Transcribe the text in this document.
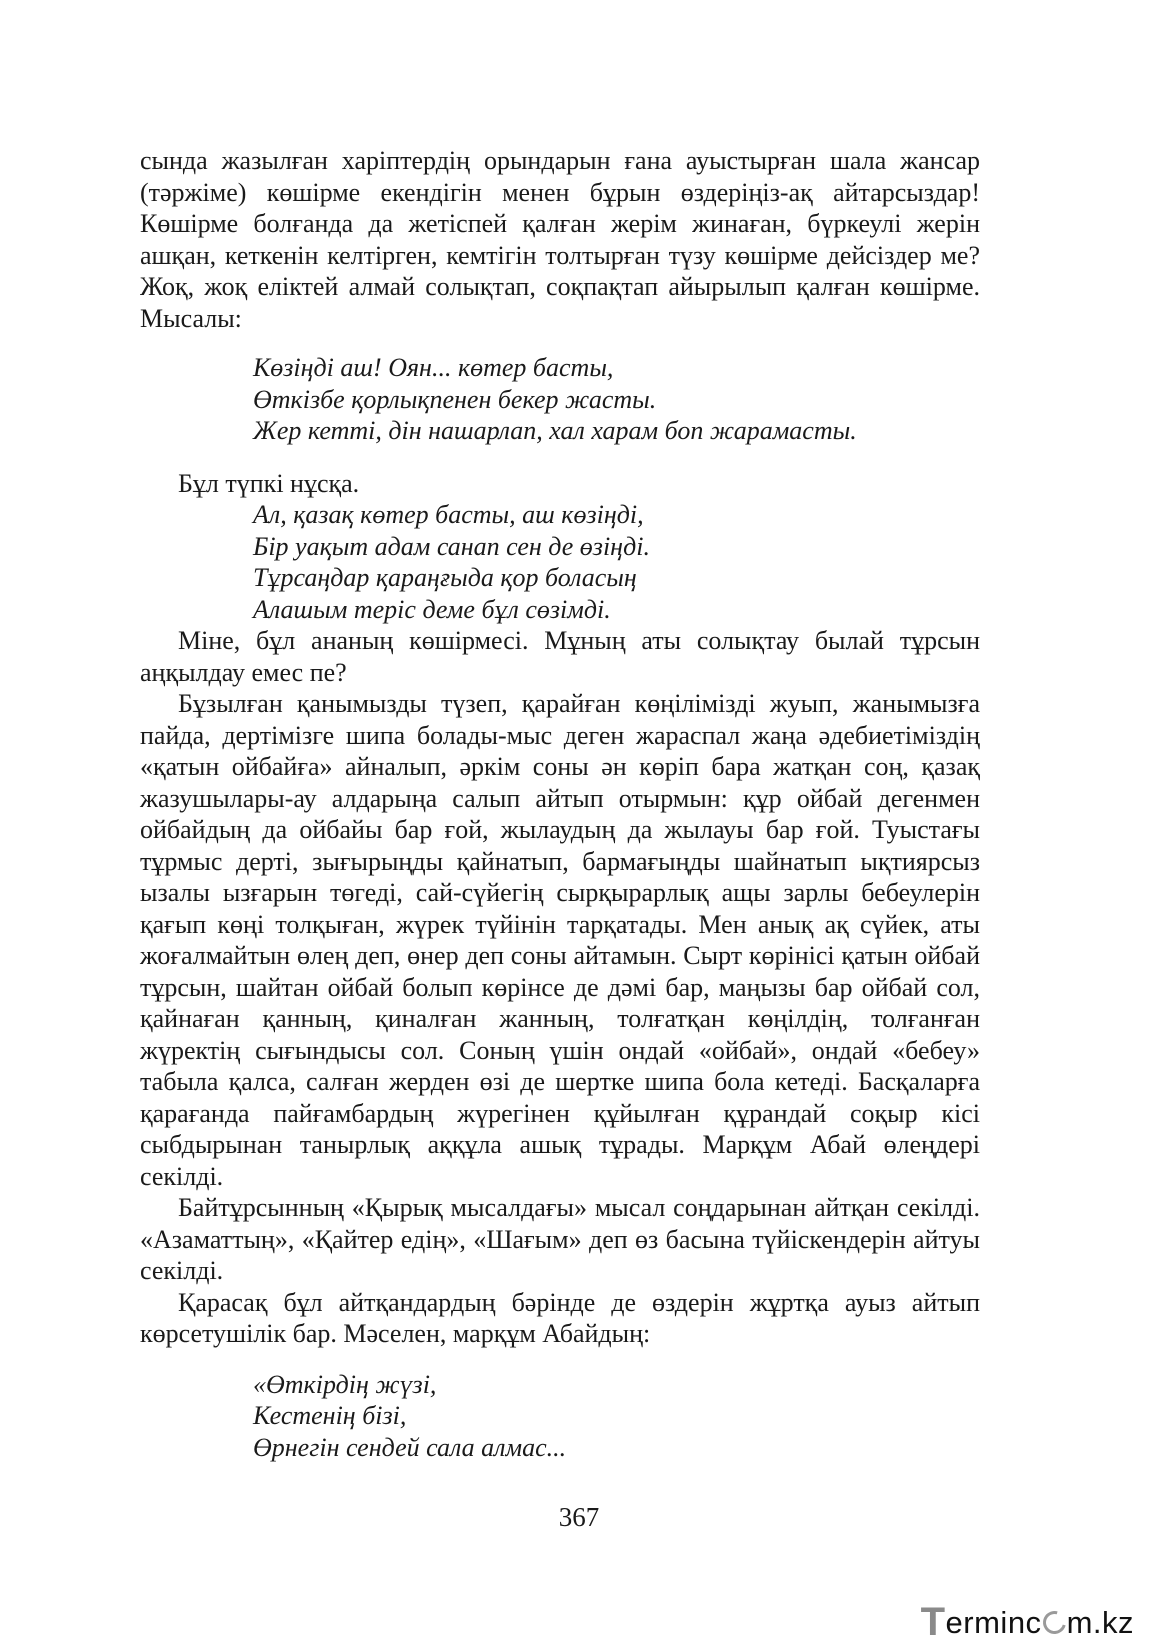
сында жазылған харіптердің орындарын ғана ауыстырған шала жансар (тәржіме) көшірме екендігін менен бұрын өздеріңіз-ақ айтарсыздар! Көшірме болғанда да жетіспей қалған жерім жинаған, бүркеулі жерін ашқан, кеткенін келтірген, кемтігін толтырған түзу көшірме дейсіздер ме? Жоқ, жоқ еліктей алмай солықтап, соқпақтап айырылып қалған көшірме. Мысалы:

Көзіңді аш! Оян... көтер басты,
Өткізбе қорлықпенен бекер жасты.
Жер кетті, дін нашарлап, хал харам боп жарамасты.

Бұл түпкі нұсқа.

Ал, қазақ көтер басты, аш көзіңді,
Бір уақыт адам санап сен де өзіңді.
Тұрсаңдар қараңғыда қор боласың
Алашым теріс деме бұл сөзімді.

Міне, бұл ананың көшірмесі. Мұның аты солықтау былай тұрсын аңқылдау емес пе?

Бұзылған қанымызды түзеп, қарайған көңілімізді жуып, жанымызға пайда, дертімізге шипа болады-мыс деген жараспал жаңа әдебиетіміздің «қатын ойбайға» айналып, әркім соны ән көріп бара жатқан соң, қазақ жазушылары-ау алдарыңа салып айтып отырмын: құр ойбай дегенмен ойбайдың да ойбайы бар ғой, жылаудың да жылауы бар ғой. Туыстағы тұрмыс дерті, зығырыңды қайнатып, бармағыңды шайнатып ықтиярсыз ызалы ызғарын төгеді, сай-сүйегің сырқырарлық ащы зарлы бебеулерін қағып көңі толқыған, жүрек түйінін тарқатады. Мен анық ақ сүйек, аты жоғалмайтын өлең деп, өнер деп соны айтамын. Сырт көрінісі қатын ойбай тұрсын, шайтан ойбай болып көрінсе де дәмі бар, маңызы бар ойбай сол, қайнаған қанның, қиналған жанның, толғатқан көңілдің, толғанған жүректің сығындысы сол. Соның үшін ондай «ойбай», ондай «бебеу» табыла қалса, салған жерден өзі де шертке шипа бола кетеді. Басқаларға қарағанда пайғамбардың жүрегінен құйылған құрандай соқыр кісі сыбдырынан танырлық аққұла ашық тұрады. Марқұм Абай өлеңдері секілді.

Байтұрсынның «Қырық мысалдағы» мысал соңдарынан айтқан секілді. «Азаматтың», «Қайтер едің», «Шағым» деп өз басына түйіскендерін айтуы секілді.

Қарасақ бұл айтқандардың бәрінде де өздерін жұртқа ауыз айтып көрсетушілік бар. Мәселен, марқұм Абайдың:

«Өткірдің жүзі,
Кестенің бізі,
Өрнегін сендей сала алмас...
367
Terminc m.kz
